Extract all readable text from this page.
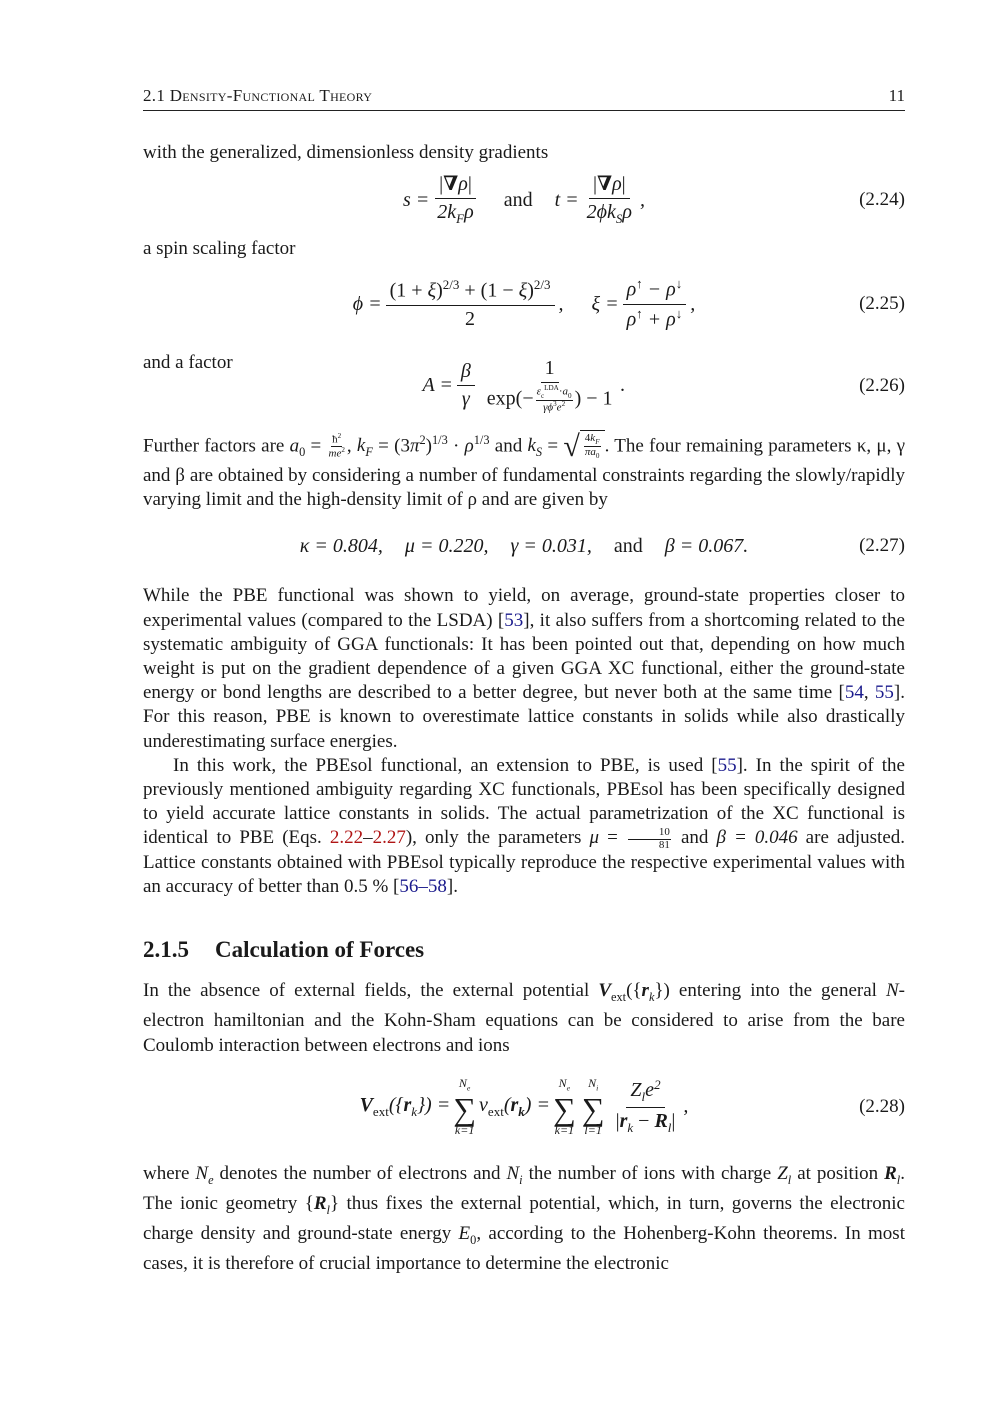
2.1 Density-Functional Theory	11

with the generalized, dimensionless density gradients

$s = \frac{|\nabla\rho|}{2k_F\rho}$ and $t = \frac{|\nabla\rho|}{2\phi k_S\rho}$ ,	(2.24)

a spin scaling factor

$\phi = \frac{(1 + \xi)^{2/3} + (1 - \xi)^{2/3}}{2}$ , $\xi = \frac{\rho^↑ - \rho^↓}{\rho^↑ + \rho^↓}$ ,	(2.25)

and a factor

$A = \frac{\beta}{\gamma} \frac{1}{\exp(- \frac{\varepsilon_c^{LDA}\cdot a_0}{\gamma\phi^3e^2} ) - 1}$ .	(2.26)

Further factors are $a_0 = \frac{ħ^2}{me^2}$ , $k_F = (3\pi^2)^{1/3} \cdot \rho^{1/3}$ and $k_S$ = √ $\frac{4k_F}{\pi a_0}$ . The four remaining parameters κ, μ, γ and β are obtained by considering a number of fundamental constraints regarding the slowly/rapidly varying limit and the high-density limit of ρ and are given by

κ = 0.804, μ = 0.220, γ = 0.031, and β = 0.067.	(2.27)

While the PBE functional was shown to yield, on average, ground-state properties closer to experimental values (compared to the LSDA) [53], it also suffers from a shortcoming related to the systematic ambiguity of GGA functionals: It has been pointed out that, depending on how much weight is put on the gradient dependence of a given GGA XC functional, either the ground-state energy or bond lengths are described to a better degree, but never both at the same time [54, 55]. For this reason, PBE is known to overestimate lattice constants in solids while also drastically underestimating surface energies.

In this work, the PBEsol functional, an extension to PBE, is used [55]. In the spirit of the previously mentioned ambiguity regarding XC functionals, PBEsol has been specifically designed to yield accurate lattice constants in solids. The actual parametrization of the XC functional is identical to PBE (Eqs. 2.22–2.27), only the parameters $\mu = \frac{10}{81}$ and β = 0.046 are adjusted. Lattice constants obtained with PBEsol typically reproduce the respective experimental values with an accuracy of better than 0.5 % [56–58].

2.1.5 Calculation of Forces

In the absence of external fields, the external potential $V_{ext}(\{r_k\})$ entering into the general N-electron hamiltonian and the Kohn-Sham equations can be considered to arise from the bare Coulomb interaction between electrons and ions

$V_{ext}(\{r_k\})$ =
$N_e$
∑
k=1
$v_{ext}(r_k)$ =
$N_e$
∑
k=1
$N_i$
∑
$l=1 \frac{Z_le^2}{|r_k - R_l|}$ ,	(2.28)

where $N_e$ denotes the number of electrons and $N_i$ the number of ions with charge $Z_l$ at position $R_l$. The ionic geometry $\{R_l\}$ thus fixes the external potential, which, in turn, governs the electronic charge density and ground-state energy $E_0$, according to the Hohenberg-Kohn theorems. In most cases, it is therefore of crucial importance to determine the electronic
